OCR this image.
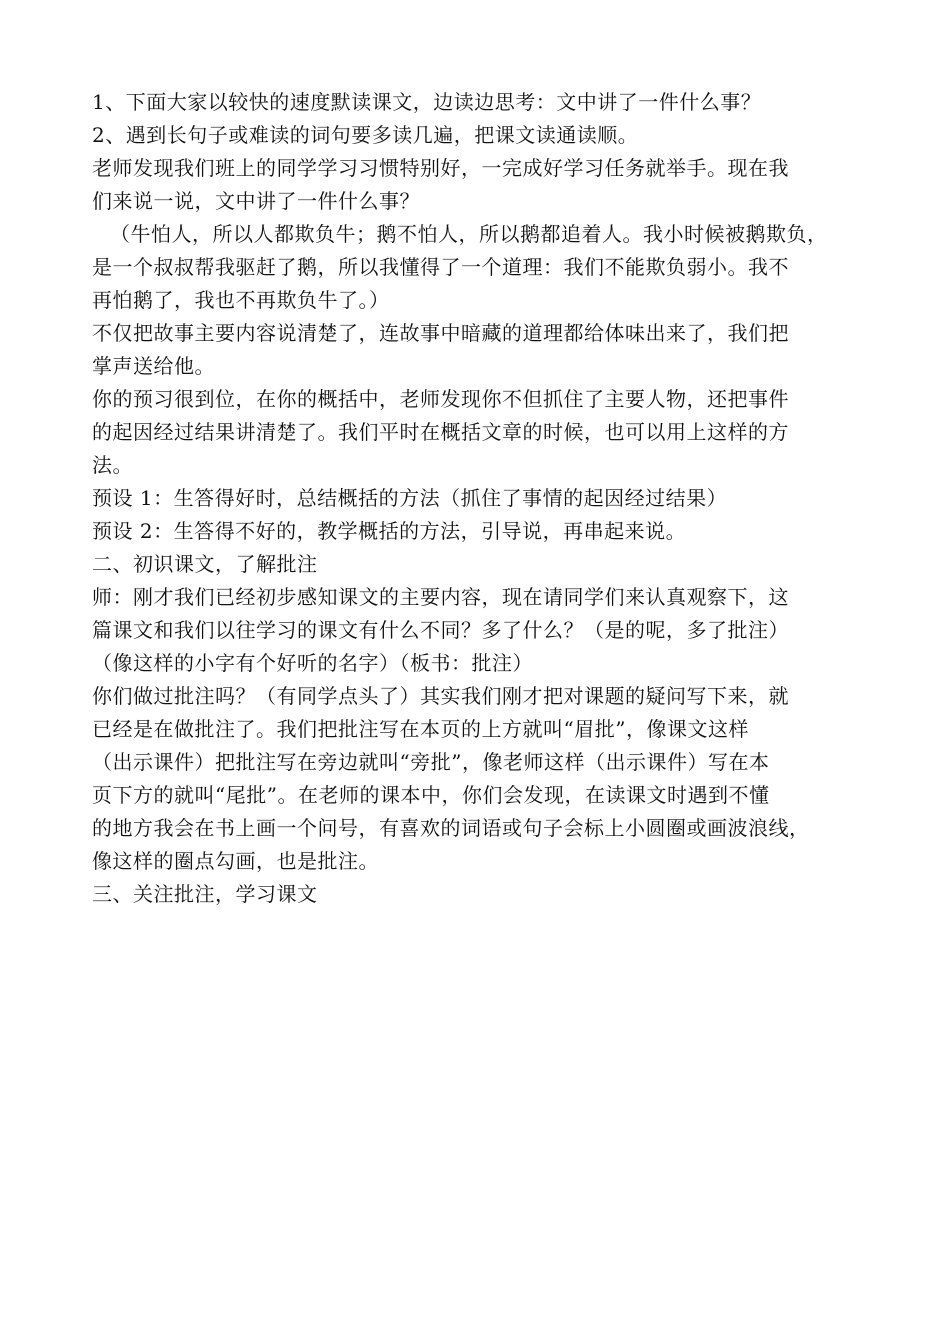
1、下面大家以较快的速度默读课文，边读边思考：文中讲了一件什么事？

2、遇到长句子或难读的词句要多读几遍，把课文读通读顺。

老师发现我们班上的同学学习习惯特别好，一完成好学习任务就举手。现在我
们来说一说，文中讲了一件什么事？

（牛怕人，所以人都欺负牛；鹅不怕人，所以鹅都追着人。我小时候被鹅欺负，
是一个叔叔帮我驱赶了鹅，所以我懂得了一个道理：我们不能欺负弱小。我不
再怕鹅了，我也不再欺负牛了。）

不仅把故事主要内容说清楚了，连故事中暗藏的道理都给体味出来了，我们把
掌声送给他。

你的预习很到位，在你的概括中，老师发现你不但抓住了主要人物，还把事件
的起因经过结果讲清楚了。我们平时在概括文章的时候，也可以用上这样的方
法。

预设 1：生答得好时，总结概括的方法（抓住了事情的起因经过结果）

预设 2：生答得不好的，教学概括的方法，引导说，再串起来说。

二、初识课文，了解批注

师：刚才我们已经初步感知课文的主要内容，现在请同学们来认真观察下，这
篇课文和我们以往学习的课文有什么不同？多了什么？（是的呢，多了批注）
（像这样的小字有个好听的名字）（板书：批注）

你们做过批注吗？（有同学点头了）其实我们刚才把对课题的疑问写下来，就
已经是在做批注了。我们把批注写在本页的上方就叫“眉批”，像课文这样
（出示课件）把批注写在旁边就叫“旁批”，像老师这样（出示课件）写在本
页下方的就叫“尾批”。在老师的课本中，你们会发现，在读课文时遇到不懂
的地方我会在书上画一个问号，有喜欢的词语或句子会标上小圆圈或画波浪线，
像这样的圈点勾画，也是批注。

三、关注批注，学习课文
